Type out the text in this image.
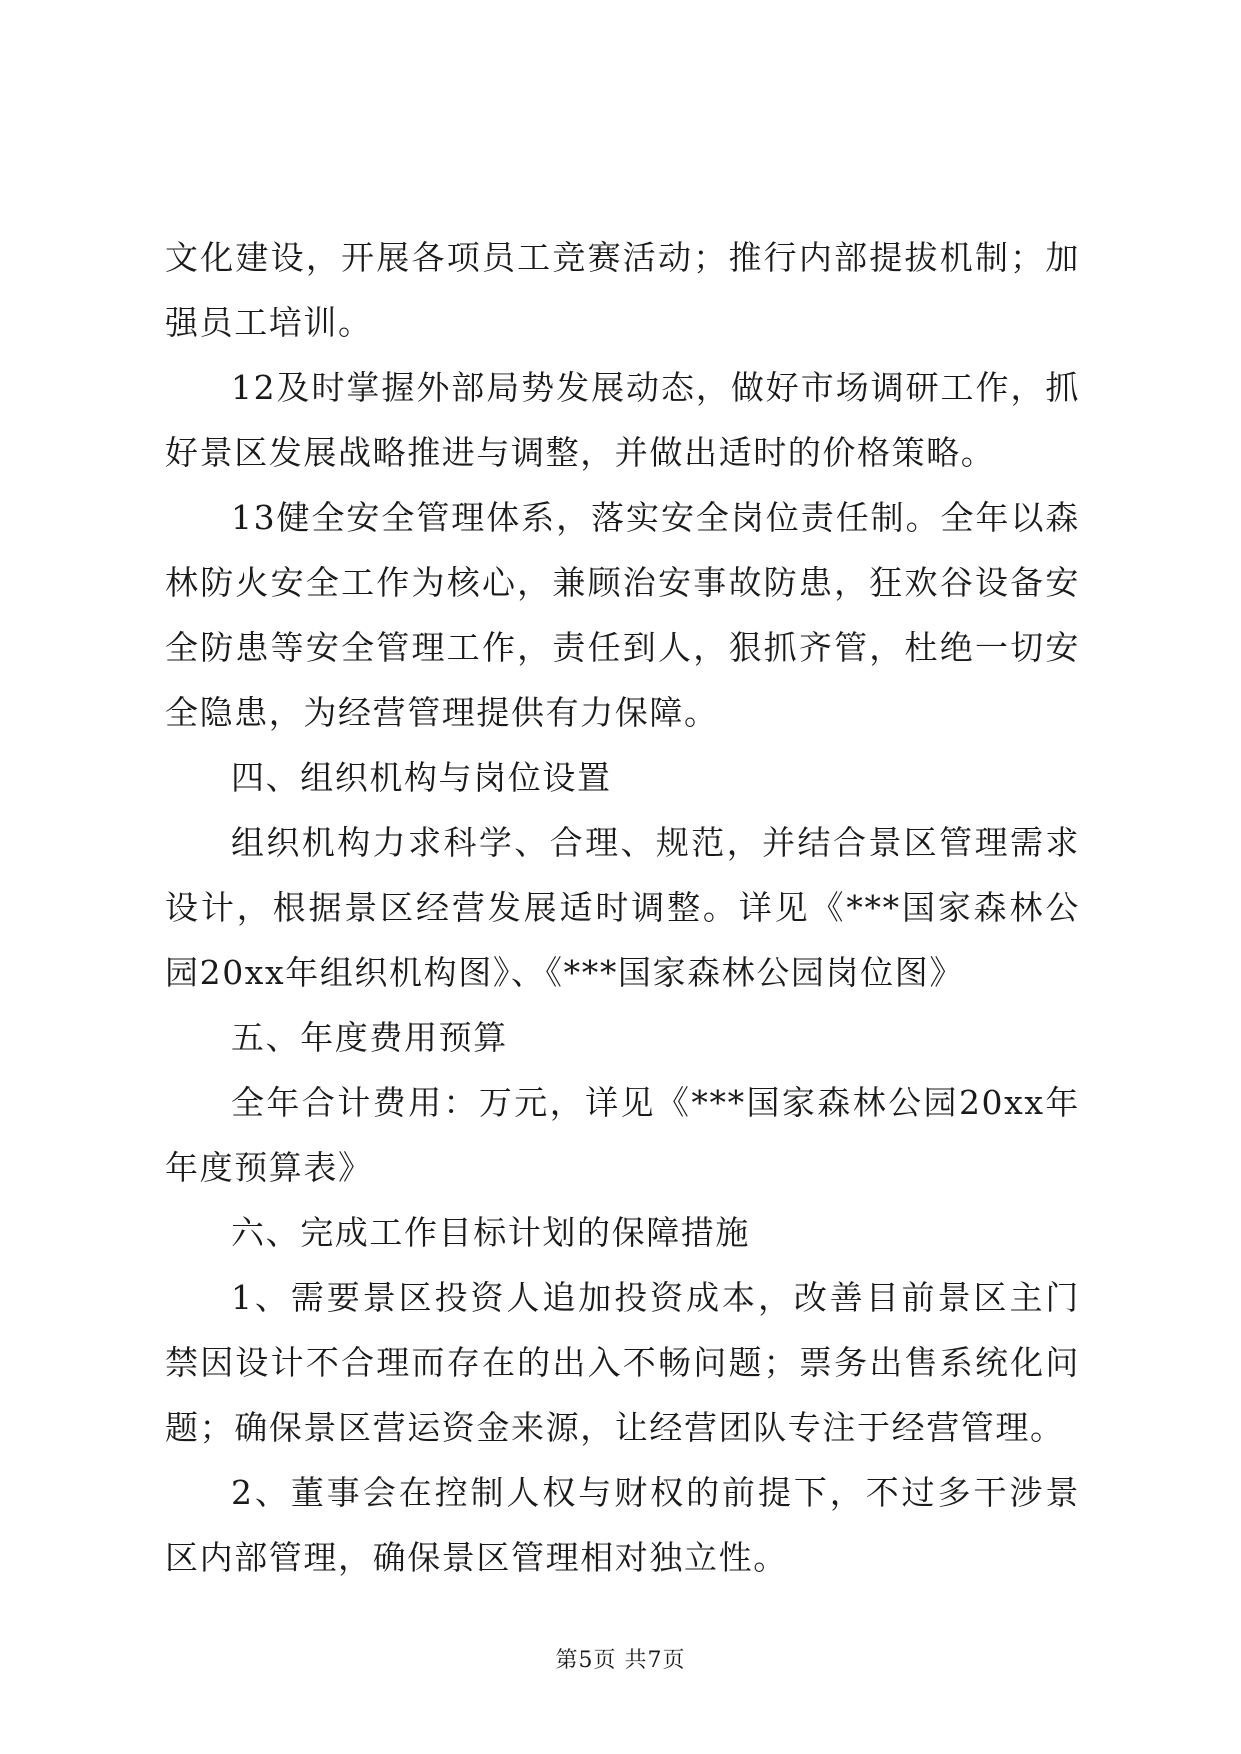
文化建设，开展各项员工竞赛活动；推行内部提拔机制；加强员工培训。

12及时掌握外部局势发展动态，做好市场调研工作，抓好景区发展战略推进与调整，并做出适时的价格策略。

13健全安全管理体系，落实安全岗位责任制。全年以森林防火安全工作为核心，兼顾治安事故防患，狂欢谷设备安全防患等安全管理工作，责任到人，狠抓齐管，杜绝一切安全隐患，为经营管理提供有力保障。

四、组织机构与岗位设置

组织机构力求科学、合理、规范，并结合景区管理需求设计，根据景区经营发展适时调整。详见《***国家森林公园20xx年组织机构图》、《***国家森林公园岗位图》

五、年度费用预算

全年合计费用：万元，详见《***国家森林公园20xx年年度预算表》

六、完成工作目标计划的保障措施

1、需要景区投资人追加投资成本，改善目前景区主门禁因设计不合理而存在的出入不畅问题；票务出售系统化问题；确保景区营运资金来源，让经营团队专注于经营管理。

2、董事会在控制人权与财权的前提下，不过多干涉景区内部管理，确保景区管理相对独立性。

第5页 共7页
